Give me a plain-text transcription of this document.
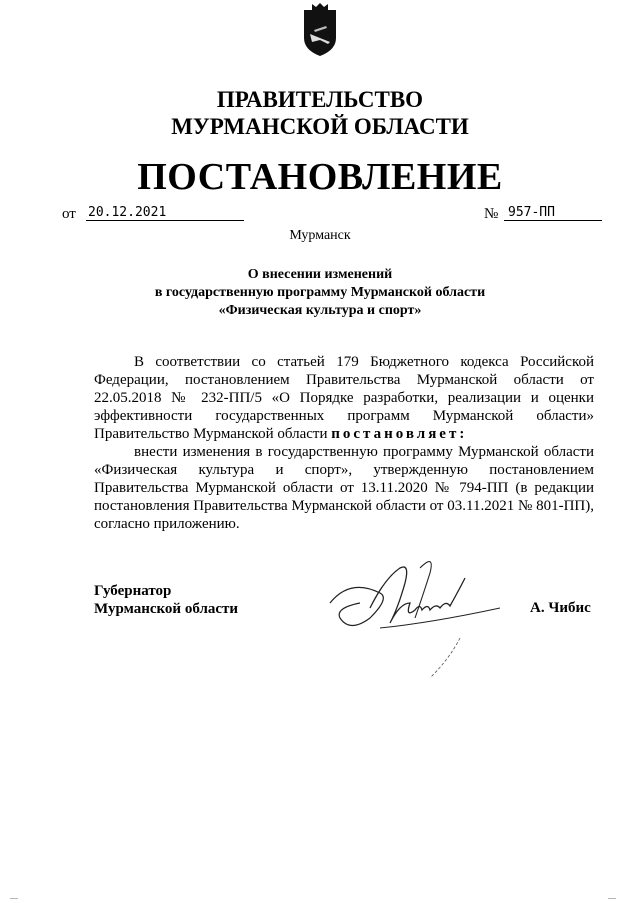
ПРАВИТЕЛЬСТВО
МУРМАНСКОЙ ОБЛАСТИ
ПОСТАНОВЛЕНИЕ
от 20.12.2021	№ 957-ПП
Мурманск
О внесении изменений
в государственную программу Мурманской области
«Физическая культура и спорт»
В соответствии со статьей 179 Бюджетного кодекса Российской Федерации, постановлением Правительства Мурманской области от 22.05.2018 № 232-ПП/5 «О Порядке разработки, реализации и оценки эффективности государственных программ Мурманской области» Правительство Мурманской области постановляет:
внести изменения в государственную программу Мурманской области «Физическая культура и спорт», утвержденную постановлением Правительства Мурманской области от 13.11.2020 № 794-ПП (в редакции постановления Правительства Мурманской области от 03.11.2021 № 801-ПП), согласно приложению.
Губернатор
Мурманской области	А. Чибис
—	—
